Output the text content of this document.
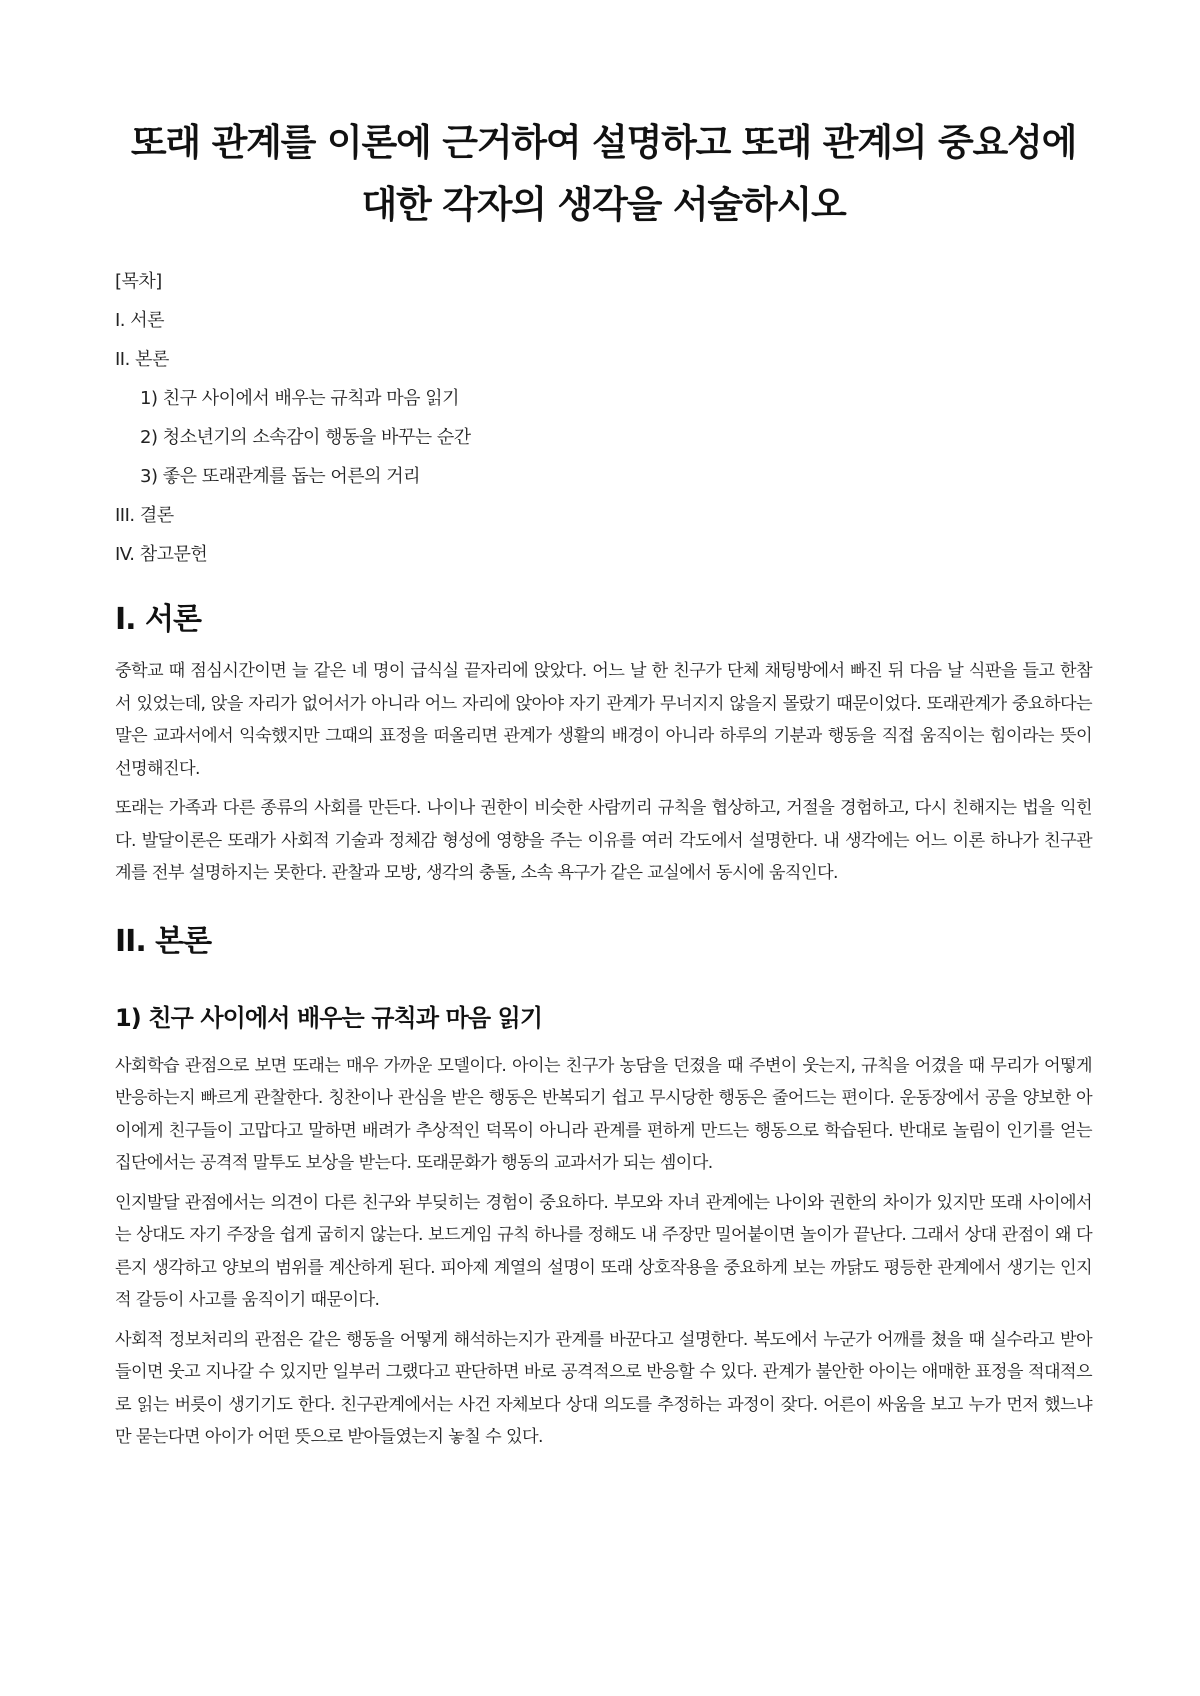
또래 관계를 이론에 근거하여 설명하고 또래 관계의 중요성에 대한 각자의 생각을 서술하시오
[목차]
I. 서론
II. 본론
1) 친구 사이에서 배우는 규칙과 마음 읽기
2) 청소년기의 소속감이 행동을 바꾸는 순간
3) 좋은 또래관계를 돕는 어른의 거리
III. 결론
IV. 참고문헌
I. 서론

중학교 때 점심시간이면 늘 같은 네 명이 급식실 끝자리에 앉았다. 어느 날 한 친구가 단체 채팅방에서 빠진 뒤 다음 날 식판을 들고 한참 서 있었는데, 앉을 자리가 없어서가 아니라 어느 자리에 앉아야 자기 관계가 무너지지 않을지 몰랐기 때문이었다. 또래관계가 중요하다는 말은 교과서에서 익숙했지만 그때의 표정을 떠올리면 관계가 생활의 배경이 아니라 하루의 기분과 행동을 직접 움직이는 힘이라는 뜻이 선명해진다.

또래는 가족과 다른 종류의 사회를 만든다. 나이나 권한이 비슷한 사람끼리 규칙을 협상하고, 거절을 경험하고, 다시 친해지는 법을 익힌다. 발달이론은 또래가 사회적 기술과 정체감 형성에 영향을 주는 이유를 여러 각도에서 설명한다. 내 생각에는 어느 이론 하나가 친구관계를 전부 설명하지는 못한다. 관찰과 모방, 생각의 충돌, 소속 욕구가 같은 교실에서 동시에 움직인다.

II. 본론
1) 친구 사이에서 배우는 규칙과 마음 읽기

사회학습 관점으로 보면 또래는 매우 가까운 모델이다. 아이는 친구가 농담을 던졌을 때 주변이 웃는지, 규칙을 어겼을 때 무리가 어떻게 반응하는지 빠르게 관찰한다. 칭찬이나 관심을 받은 행동은 반복되기 쉽고 무시당한 행동은 줄어드는 편이다. 운동장에서 공을 양보한 아이에게 친구들이 고맙다고 말하면 배려가 추상적인 덕목이 아니라 관계를 편하게 만드는 행동으로 학습된다. 반대로 놀림이 인기를 얻는 집단에서는 공격적 말투도 보상을 받는다. 또래문화가 행동의 교과서가 되는 셈이다.

인지발달 관점에서는 의견이 다른 친구와 부딪히는 경험이 중요하다. 부모와 자녀 관계에는 나이와 권한의 차이가 있지만 또래 사이에서는 상대도 자기 주장을 쉽게 굽히지 않는다. 보드게임 규칙 하나를 정해도 내 주장만 밀어붙이면 놀이가 끝난다. 그래서 상대 관점이 왜 다른지 생각하고 양보의 범위를 계산하게 된다. 피아제 계열의 설명이 또래 상호작용을 중요하게 보는 까닭도 평등한 관계에서 생기는 인지적 갈등이 사고를 움직이기 때문이다.

사회적 정보처리의 관점은 같은 행동을 어떻게 해석하는지가 관계를 바꾼다고 설명한다. 복도에서 누군가 어깨를 쳤을 때 실수라고 받아들이면 웃고 지나갈 수 있지만 일부러 그랬다고 판단하면 바로 공격적으로 반응할 수 있다. 관계가 불안한 아이는 애매한 표정을 적대적으로 읽는 버릇이 생기기도 한다. 친구관계에서는 사건 자체보다 상대 의도를 추정하는 과정이 잦다. 어른이 싸움을 보고 누가 먼저 했느냐만 묻는다면 아이가 어떤 뜻으로 받아들였는지 놓칠 수 있다.
